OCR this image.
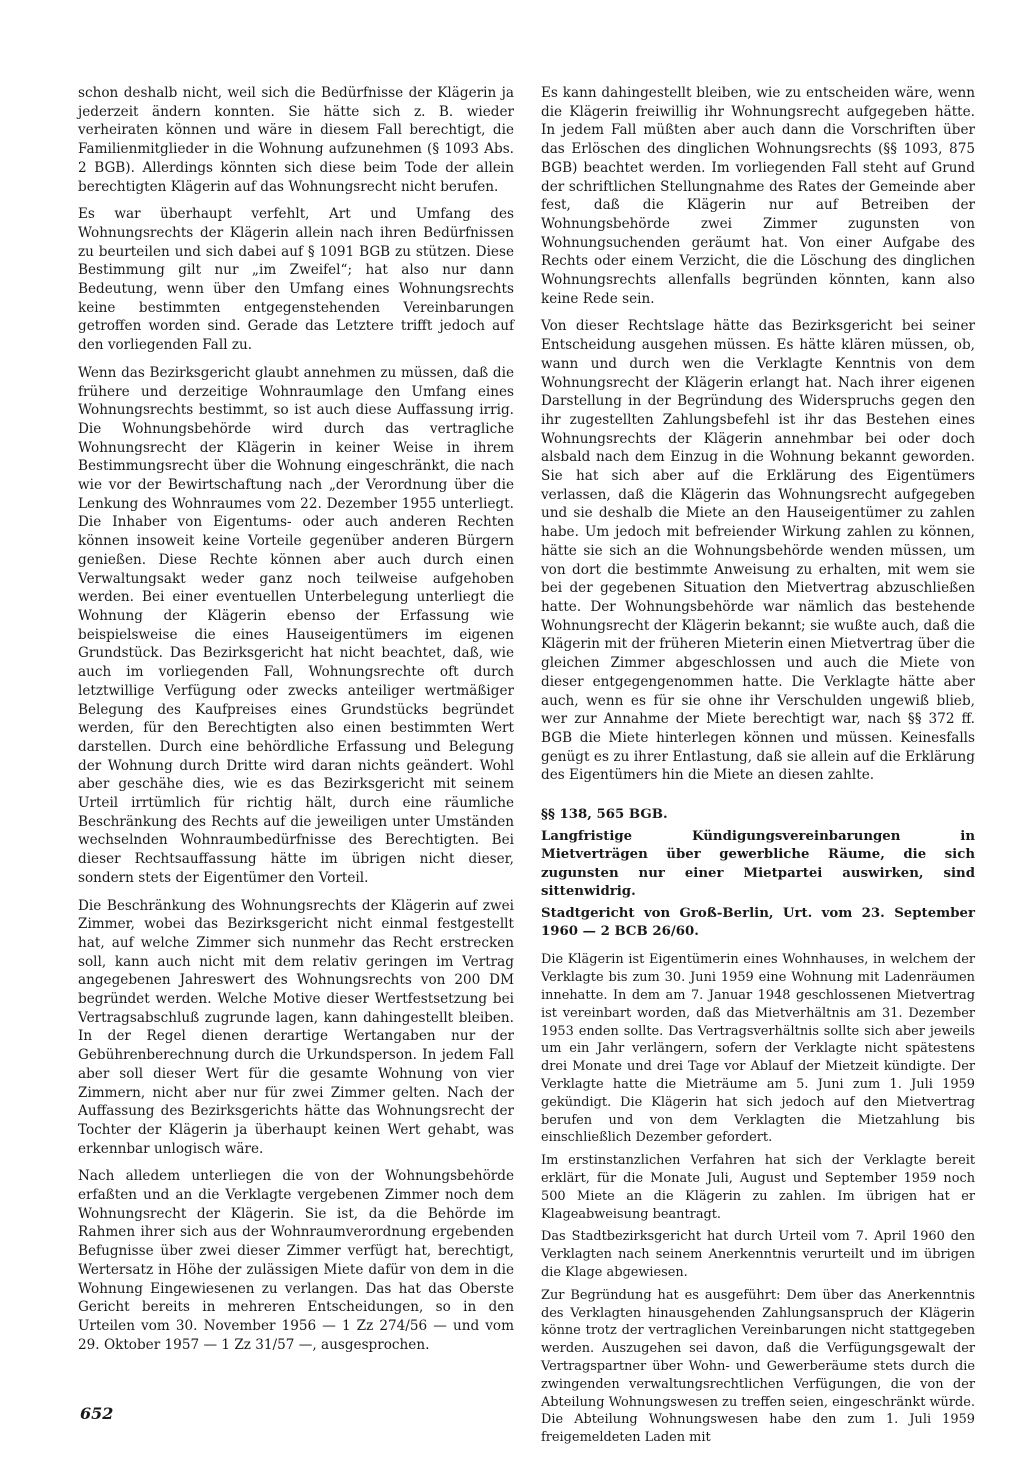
schon deshalb nicht, weil sich die Bedürfnisse der Klägerin ja jederzeit ändern konnten. Sie hätte sich z. B. wieder verheiraten können und wäre in diesem Fall berechtigt, die Familienmitglieder in die Wohnung aufzunehmen (§ 1093 Abs. 2 BGB). Allerdings könnten sich diese beim Tode der allein berechtigten Klägerin auf das Wohnungsrecht nicht berufen.

Es war überhaupt verfehlt, Art und Umfang des Wohnungsrechts der Klägerin allein nach ihren Bedürfnissen zu beurteilen und sich dabei auf § 1091 BGB zu stützen. Diese Bestimmung gilt nur „im Zweifel“; hat also nur dann Bedeutung, wenn über den Umfang eines Wohnungsrechts keine bestimmten entgegenstehenden Vereinbarungen getroffen worden sind. Gerade das Letztere trifft jedoch auf den vorliegenden Fall zu.

Wenn das Bezirksgericht glaubt annehmen zu müssen, daß die frühere und derzeitige Wohnraumlage den Umfang eines Wohnungsrechts bestimmt, so ist auch diese Auffassung irrig. Die Wohnungsbehörde wird durch das vertragliche Wohnungsrecht der Klägerin in keiner Weise in ihrem Bestimmungsrecht über die Wohnung eingeschränkt, die nach wie vor der Bewirtschaftung nach „der Verordnung über die Lenkung des Wohnraumes vom 22. Dezember 1955 unterliegt. Die Inhaber von Eigentums- oder auch anderen Rechten können insoweit keine Vorteile gegenüber anderen Bürgern genießen. Diese Rechte können aber auch durch einen Verwaltungsakt weder ganz noch teilweise aufgehoben werden. Bei einer eventuellen Unterbelegung unterliegt die Wohnung der Klägerin ebenso der Erfassung wie beispielsweise die eines Hauseigentümers im eigenen Grundstück. Das Bezirksgericht hat nicht beachtet, daß, wie auch im vorliegenden Fall, Wohnungsrechte oft durch letztwillige Verfügung oder zwecks anteiliger wertmäßiger Belegung des Kaufpreises eines Grundstücks begründet werden, für den Berechtigten also einen bestimmten Wert darstellen. Durch eine behördliche Erfassung und Belegung der Wohnung durch Dritte wird daran nichts geändert. Wohl aber geschähe dies, wie es das Bezirksgericht mit seinem Urteil irrtümlich für richtig hält, durch eine räumliche Beschränkung des Rechts auf die jeweiligen unter Umständen wechselnden Wohnraumbedürfnisse des Berechtigten. Bei dieser Rechtsauffassung hätte im übrigen nicht dieser, sondern stets der Eigentümer den Vorteil.

Die Beschränkung des Wohnungsrechts der Klägerin auf zwei Zimmer, wobei das Bezirksgericht nicht einmal festgestellt hat, auf welche Zimmer sich nunmehr das Recht erstrecken soll, kann auch nicht mit dem relativ geringen im Vertrag angegebenen Jahreswert des Wohnungsrechts von 200 DM begründet werden. Welche Motive dieser Wertfestsetzung bei Vertragsabschluß zugrunde lagen, kann dahingestellt bleiben. In der Regel dienen derartige Wertangaben nur der Gebührenberechnung durch die Urkundsperson. In jedem Fall aber soll dieser Wert für die gesamte Wohnung von vier Zimmern, nicht aber nur für zwei Zimmer gelten. Nach der Auffassung des Bezirksgerichts hätte das Wohnungsrecht der Tochter der Klägerin ja überhaupt keinen Wert gehabt, was erkennbar unlogisch wäre.

Nach alledem unterliegen die von der Wohnungsbehörde erfaßten und an die Verklagte vergebenen Zimmer noch dem Wohnungsrecht der Klägerin. Sie ist, da die Behörde im Rahmen ihrer sich aus der Wohnraumverordnung ergebenden Befugnisse über zwei dieser Zimmer verfügt hat, berechtigt, Wertersatz in Höhe der zulässigen Miete dafür von dem in die Wohnung Eingewiesenen zu verlangen. Das hat das Oberste Gericht bereits in mehreren Entscheidungen, so in den Urteilen vom 30. November 1956 — 1 Zz 274/56 — und vom 29. Oktober 1957 — 1 Zz 31/57 —, ausgesprochen.

Es kann dahingestellt bleiben, wie zu entscheiden wäre, wenn die Klägerin freiwillig ihr Wohnungsrecht aufgegeben hätte. In jedem Fall müßten aber auch dann die Vorschriften über das Erlöschen des dinglichen Wohnungsrechts (§§ 1093, 875 BGB) beachtet werden. Im vorliegenden Fall steht auf Grund der schriftlichen Stellungnahme des Rates der Gemeinde aber fest, daß die Klägerin nur auf Betreiben der Wohnungsbehörde zwei Zimmer zugunsten von Wohnungsuchenden geräumt hat. Von einer Aufgabe des Rechts oder einem Verzicht, die die Löschung des dinglichen Wohnungsrechts allenfalls begründen könnten, kann also keine Rede sein.

Von dieser Rechtslage hätte das Bezirksgericht bei seiner Entscheidung ausgehen müssen. Es hätte klären müssen, ob, wann und durch wen die Verklagte Kenntnis von dem Wohnungsrecht der Klägerin erlangt hat. Nach ihrer eigenen Darstellung in der Begründung des Widerspruchs gegen den ihr zugestellten Zahlungsbefehl ist ihr das Bestehen eines Wohnungsrechts der Klägerin annehmbar bei oder doch alsbald nach dem Einzug in die Wohnung bekannt geworden. Sie hat sich aber auf die Erklärung des Eigentümers verlassen, daß die Klägerin das Wohnungsrecht aufgegeben und sie deshalb die Miete an den Hauseigentümer zu zahlen habe. Um jedoch mit befreiender Wirkung zahlen zu können, hätte sie sich an die Wohnungsbehörde wenden müssen, um von dort die bestimmte Anweisung zu erhalten, mit wem sie bei der gegebenen Situation den Mietvertrag abzuschließen hatte. Der Wohnungsbehörde war nämlich das bestehende Wohnungsrecht der Klägerin bekannt; sie wußte auch, daß die Klägerin mit der früheren Mieterin einen Mietvertrag über die gleichen Zimmer abgeschlossen und auch die Miete von dieser entgegengenommen hatte. Die Verklagte hätte aber auch, wenn es für sie ohne ihr Verschulden ungewiß blieb, wer zur Annahme der Miete berechtigt war, nach §§ 372 ff. BGB die Miete hinterlegen können und müssen. Keinesfalls genügt es zu ihrer Entlastung, daß sie allein auf die Erklärung des Eigentümers hin die Miete an diesen zahlte.

§§ 138, 565 BGB.
Langfristige Kündigungsvereinbarungen in Mietverträgen über gewerbliche Räume, die sich zugunsten nur einer Mietpartei auswirken, sind sittenwidrig.
Stadtgericht von Groß-Berlin, Urt. vom 23. September 1960 — 2 BCB 26/60.

Die Klägerin ist Eigentümerin eines Wohnhauses, in welchem der Verklagte bis zum 30. Juni 1959 eine Wohnung mit Ladenräumen innehatte. In dem am 7. Januar 1948 geschlossenen Mietvertrag ist vereinbart worden, daß das Mietverhältnis am 31. Dezember 1953 enden sollte. Das Vertragsverhältnis sollte sich aber jeweils um ein Jahr verlängern, sofern der Verklagte nicht spätestens drei Monate und drei Tage vor Ablauf der Mietzeit kündigte. Der Verklagte hatte die Mieträume am 5. Juni zum 1. Juli 1959 gekündigt. Die Klägerin hat sich jedoch auf den Mietvertrag berufen und von dem Verklagten die Mietzahlung bis einschließlich Dezember gefordert.

Im erstinstanzlichen Verfahren hat sich der Verklagte bereit erklärt, für die Monate Juli, August und September 1959 noch 500 Miete an die Klägerin zu zahlen. Im übrigen hat er Klageabweisung beantragt.

Das Stadtbezirksgericht hat durch Urteil vom 7. April 1960 den Verklagten nach seinem Anerkenntnis verurteilt und im übrigen die Klage abgewiesen.

Zur Begründung hat es ausgeführt: Dem über das Anerkenntnis des Verklagten hinausgehenden Zahlungsanspruch der Klägerin könne trotz der vertraglichen Vereinbarungen nicht stattgegeben werden. Auszugehen sei davon, daß die Verfügungsgewalt der Vertragspartner über Wohn- und Gewerberäume stets durch die zwingenden verwaltungsrechtlichen Verfügungen, die von der Abteilung Wohnungswesen zu treffen seien, eingeschränkt würde. Die Abteilung Wohnungswesen habe den zum 1. Juli 1959 freigemeldeten Laden mit

652
